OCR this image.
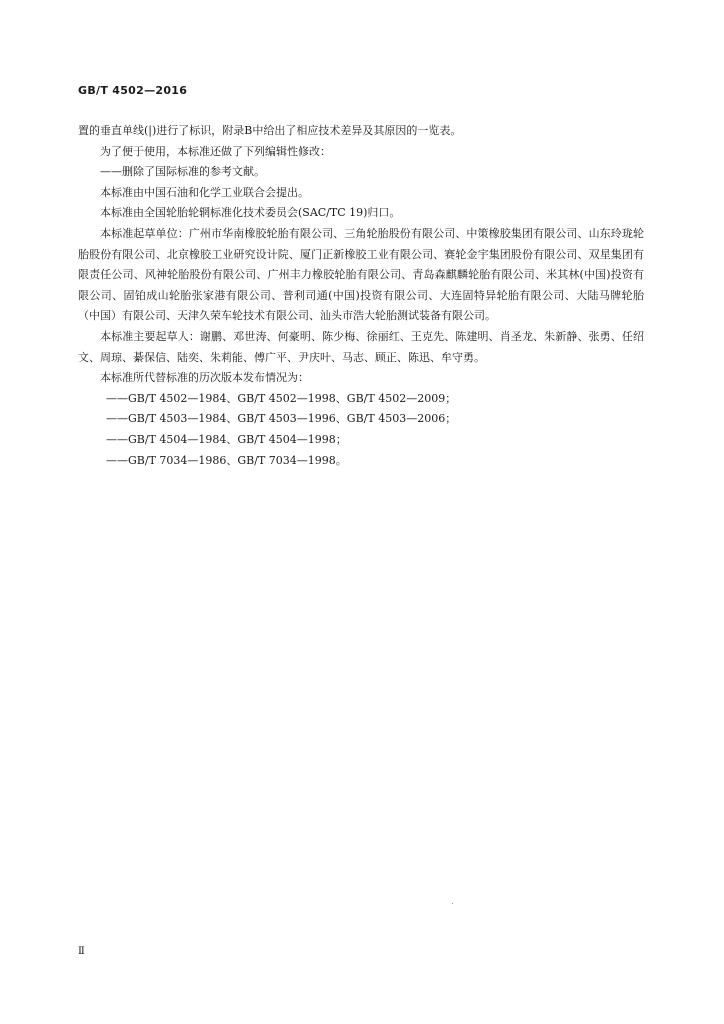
GB/T 4502—2016

置的垂直单线(|)进行了标识，附录B中给出了相应技术差异及其原因的一览表。

为了便于使用，本标准还做了下列编辑性修改：

——删除了国际标准的参考文献。

本标准由中国石油和化学工业联合会提出。

本标准由全国轮胎轮辋标准化技术委员会(SAC/TC 19)归口。

本标准起草单位：广州市华南橡胶轮胎有限公司、三角轮胎股份有限公司、中策橡胶集团有限公司、山东玲珑轮胎股份有限公司、北京橡胶工业研究设计院、厦门正新橡胶工业有限公司、赛轮金宇集团股份有限公司、双星集团有限责任公司、风神轮胎股份有限公司、广州丰力橡胶轮胎有限公司、青岛森麒麟轮胎有限公司、米其林(中国)投资有限公司、固铂成山轮胎张家港有限公司、普利司通(中国)投资有限公司、大连固特异轮胎有限公司、大陆马牌轮胎（中国）有限公司、天津久荣车轮技术有限公司、汕头市浩大轮胎测试装备有限公司。

本标准主要起草人：谢鹏、邓世涛、何豪明、陈少梅、徐丽红、王克先、陈建明、肖圣龙、朱新静、张勇、任绍文、周琼、綦保信、陆奕、朱莉能、傅广平、尹庆叶、马志、顾正、陈迅、牟守勇。

本标准所代替标准的历次版本发布情况为：

——GB/T 4502—1984、GB/T 4502—1998、GB/T 4502—2009；

——GB/T 4503—1984、GB/T 4503—1996、GB/T 4503—2006；

——GB/T 4504—1984、GB/T 4504—1998；

——GB/T 7034—1986、GB/T 7034—1998。

Ⅱ
